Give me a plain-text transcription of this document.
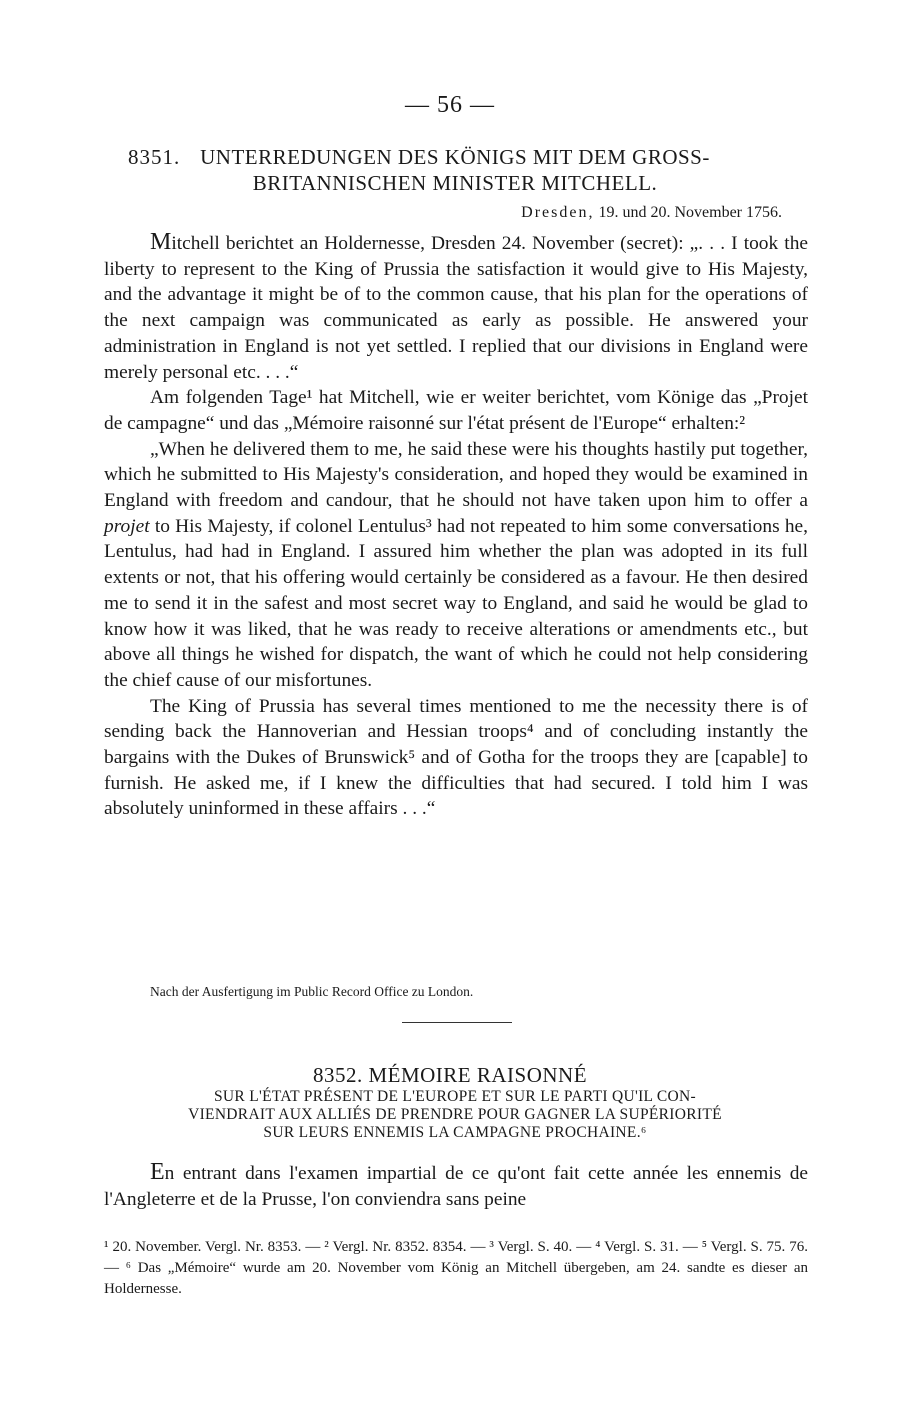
— 56 —
8351. UNTERREDUNGEN DES KÖNIGS MIT DEM GROSS-
BRITANNISCHEN MINISTER MITCHELL.
Dresden, 19. und 20. November 1756.

Mitchell berichtet an Holdernesse, Dresden 24. November (secret): „. . . I took the liberty to represent to the King of Prussia the satisfaction it would give to His Majesty, and the advantage it might be of to the common cause, that his plan for the operations of the next campaign was communicated as early as possible. He answered your administration in England is not yet settled. I replied that our divisions in England were merely personal etc. . . .“

Am folgenden Tage¹ hat Mitchell, wie er weiter berichtet, vom Könige das „Projet de campagne“ und das „Mémoire raisonné sur l'état présent de l'Europe“ erhalten:²

„When he delivered them to me, he said these were his thoughts hastily put together, which he submitted to His Majesty's consideration, and hoped they would be examined in England with freedom and candour, that he should not have taken upon him to offer a projet to His Majesty, if colonel Lentulus³ had not repeated to him some conversations he, Lentulus, had had in England. I assured him whether the plan was adopted in its full extents or not, that his offering would certainly be considered as a favour. He then desired me to send it in the safest and most secret way to England, and said he would be glad to know how it was liked, that he was ready to receive alterations or amendments etc., but above all things he wished for dispatch, the want of which he could not help considering the chief cause of our misfortunes.

The King of Prussia has several times mentioned to me the necessity there is of sending back the Hannoverian and Hessian troops⁴ and of concluding instantly the bargains with the Dukes of Brunswick⁵ and of Gotha for the troops they are [capable] to furnish. He asked me, if I knew the difficulties that had secured. I told him I was absolutely uninformed in these affairs . . .“

Nach der Ausfertigung im Public Record Office zu London.
8352. MÉMOIRE RAISONNÉ
SUR L'ÉTAT PRÉSENT DE L'EUROPE ET SUR LE PARTI QU'IL CON-
VIENDRAIT AUX ALLIÉS DE PRENDRE POUR GAGNER LA SUPÉRIORITÉ
SUR LEURS ENNEMIS LA CAMPAGNE PROCHAINE.⁶

En entrant dans l'examen impartial de ce qu'ont fait cette année les ennemis de l'Angleterre et de la Prusse, l'on conviendra sans peine

¹ 20. November. Vergl. Nr. 8353. — ² Vergl. Nr. 8352. 8354. — ³ Vergl. S. 40. — ⁴ Vergl. S. 31. — ⁵ Vergl. S. 75. 76. — ⁶ Das „Mémoire“ wurde am 20. November vom König an Mitchell übergeben, am 24. sandte es dieser an Holdernesse.
